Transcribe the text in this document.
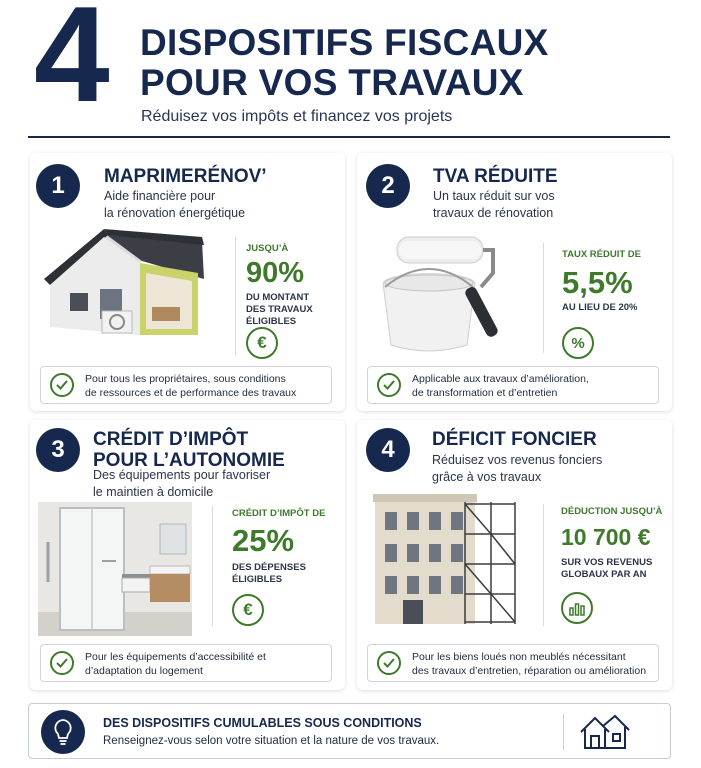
4 DISPOSITIFS FISCAUX
POUR VOS TRAVAUX
Réduisez vos impôts et financez vos projets
1	MAPRIMERÉNOV’
Aide financière pour
la rénovation énergétique
JUSQU’À
90%
DU MONTANT
DES TRAVAUX
ÉLIGIBLES
€
Pour tous les propriétaires, sous conditions
de ressources et de performance des travaux
2	TVA RÉDUITE
Un taux réduit sur vos
travaux de rénovation
TAUX RÉDUIT DE
5,5%
AU LIEU DE 20%
%
Applicable aux travaux d’amélioration,
de transformation et d’entretien
3	CRÉDIT D’IMPÔT
POUR L’AUTONOMIE
Des équipements pour favoriser
le maintien à domicile
CRÉDIT D’IMPÔT DE
25%
DES DÉPENSES
ÉLIGIBLES
€
Pour les équipements d’accessibilité et
d’adaptation du logement
4	DÉFICIT FONCIER
Réduisez vos revenus fonciers
grâce à vos travaux
DÉDUCTION JUSQU’À
10 700 €
SUR VOS REVENUS
GLOBAUX PAR AN
Pour les biens loués non meublés nécessitant
des travaux d’entretien, réparation ou amélioration
DES DISPOSITIFS CUMULABLES SOUS CONDITIONS
Renseignez-vous selon votre situation et la nature de vos travaux.
